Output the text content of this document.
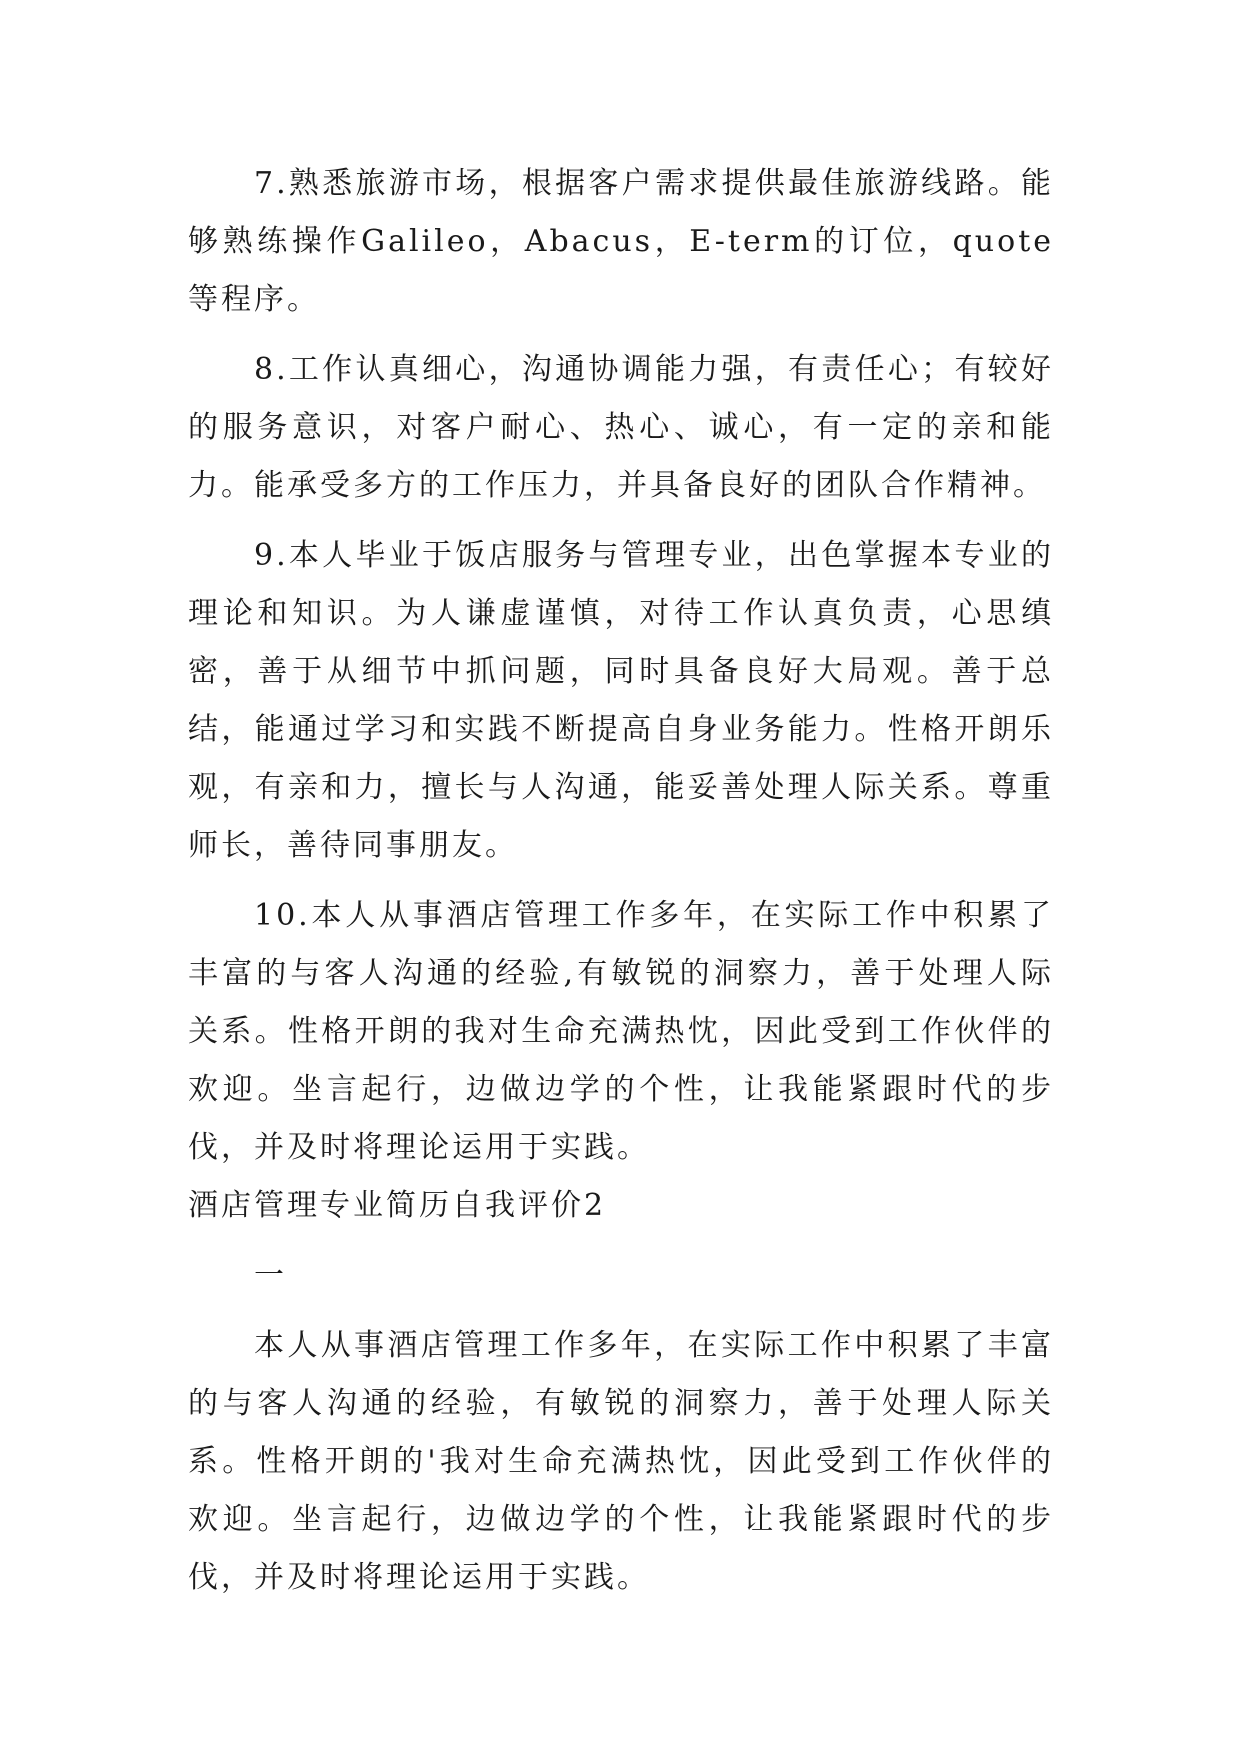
7.熟悉旅游市场，根据客户需求提供最佳旅游线路。能够熟练操作Galileo，Abacus，E-term的订位，quote等程序。

8.工作认真细心，沟通协调能力强，有责任心；有较好的服务意识，对客户耐心、热心、诚心，有一定的亲和能力。能承受多方的工作压力，并具备良好的团队合作精神。

9.本人毕业于饭店服务与管理专业，出色掌握本专业的理论和知识。为人谦虚谨慎，对待工作认真负责，心思缜密，善于从细节中抓问题，同时具备良好大局观。善于总结，能通过学习和实践不断提高自身业务能力。性格开朗乐观，有亲和力，擅长与人沟通，能妥善处理人际关系。尊重师长，善待同事朋友。

10.本人从事酒店管理工作多年，在实际工作中积累了丰富的与客人沟通的经验,有敏锐的洞察力，善于处理人际关系。性格开朗的我对生命充满热忱，因此受到工作伙伴的欢迎。坐言起行，边做边学的个性，让我能紧跟时代的步伐，并及时将理论运用于实践。

酒店管理专业简历自我评价2

一

本人从事酒店管理工作多年，在实际工作中积累了丰富的与客人沟通的经验，有敏锐的洞察力，善于处理人际关系。性格开朗的'我对生命充满热忱，因此受到工作伙伴的欢迎。坐言起行，边做边学的个性，让我能紧跟时代的步伐，并及时将理论运用于实践。
